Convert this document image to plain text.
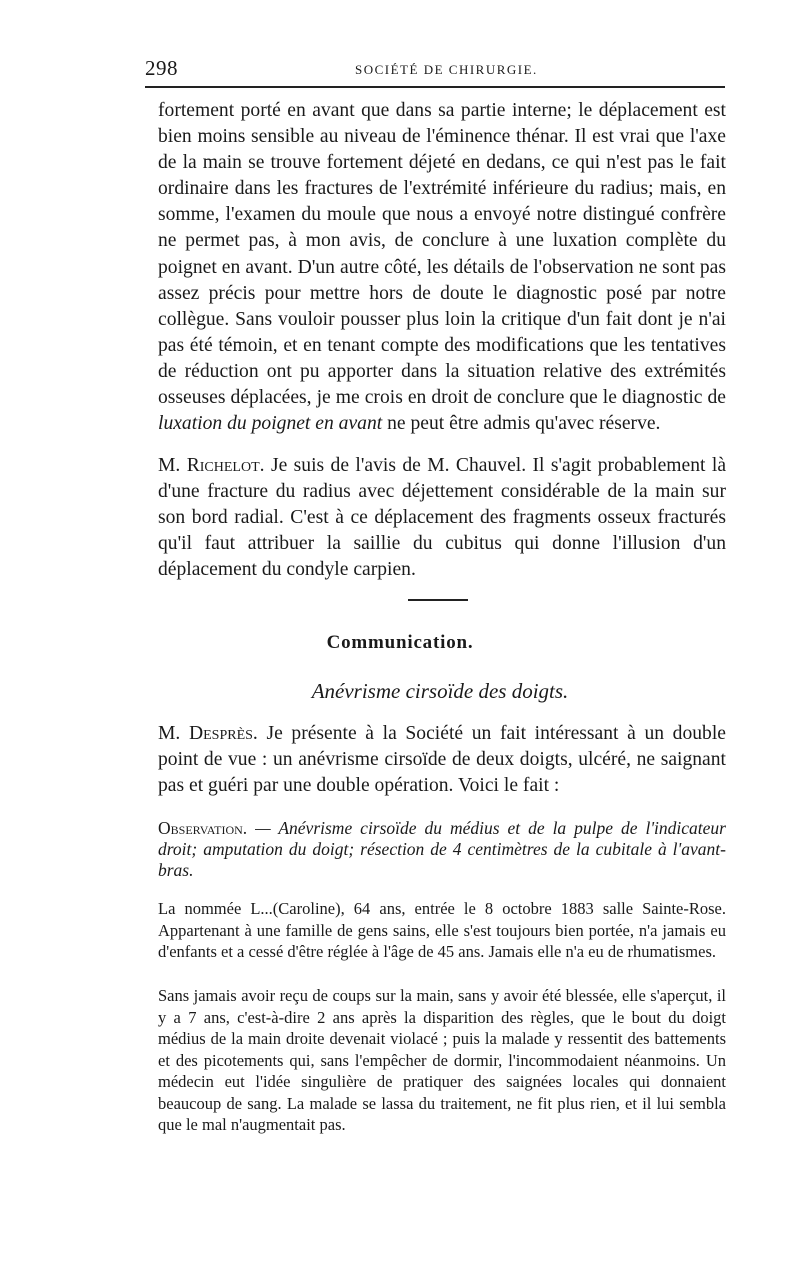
298	SOCIÉTÉ DE CHIRURGIE.

fortement porté en avant que dans sa partie interne; le déplacement est bien moins sensible au niveau de l'éminence thénar. Il est vrai que l'axe de la main se trouve fortement déjeté en dedans, ce qui n'est pas le fait ordinaire dans les fractures de l'extrémité inférieure du radius; mais, en somme, l'examen du moule que nous a envoyé notre distingué confrère ne permet pas, à mon avis, de conclure à une luxation complète du poignet en avant. D'un autre côté, les détails de l'observation ne sont pas assez précis pour mettre hors de doute le diagnostic posé par notre collègue. Sans vouloir pousser plus loin la critique d'un fait dont je n'ai pas été témoin, et en tenant compte des modifications que les tentatives de réduction ont pu apporter dans la situation relative des extrémités osseuses déplacées, je me crois en droit de conclure que le diagnostic de luxation du poignet en avant ne peut être admis qu'avec réserve.

M. Richelot. Je suis de l'avis de M. Chauvel. Il s'agit probablement là d'une fracture du radius avec déjettement considérable de la main sur son bord radial. C'est à ce déplacement des fragments osseux fracturés qu'il faut attribuer la saillie du cubitus qui donne l'illusion d'un déplacement du condyle carpien.

Communication.
Anévrisme cirsoïde des doigts.

M. Desprès. Je présente à la Société un fait intéressant à un double point de vue : un anévrisme cirsoïde de deux doigts, ulcéré, ne saignant pas et guéri par une double opération. Voici le fait :

Observation. — Anévrisme cirsoïde du médius et de la pulpe de l'indicateur droit; amputation du doigt; résection de 4 centimètres de la cubitale à l'avant-bras.

La nommée L...(Caroline), 64 ans, entrée le 8 octobre 1883 salle Sainte-Rose. Appartenant à une famille de gens sains, elle s'est toujours bien portée, n'a jamais eu d'enfants et a cessé d'être réglée à l'âge de 45 ans. Jamais elle n'a eu de rhumatismes.

Sans jamais avoir reçu de coups sur la main, sans y avoir été blessée, elle s'aperçut, il y a 7 ans, c'est-à-dire 2 ans après la disparition des règles, que le bout du doigt médius de la main droite devenait violacé ; puis la malade y ressentit des battements et des picotements qui, sans l'empêcher de dormir, l'incommodaient néanmoins. Un médecin eut l'idée singulière de pratiquer des saignées locales qui donnaient beaucoup de sang. La malade se lassa du traitement, ne fit plus rien, et il lui sembla que le mal n'augmentait pas.
